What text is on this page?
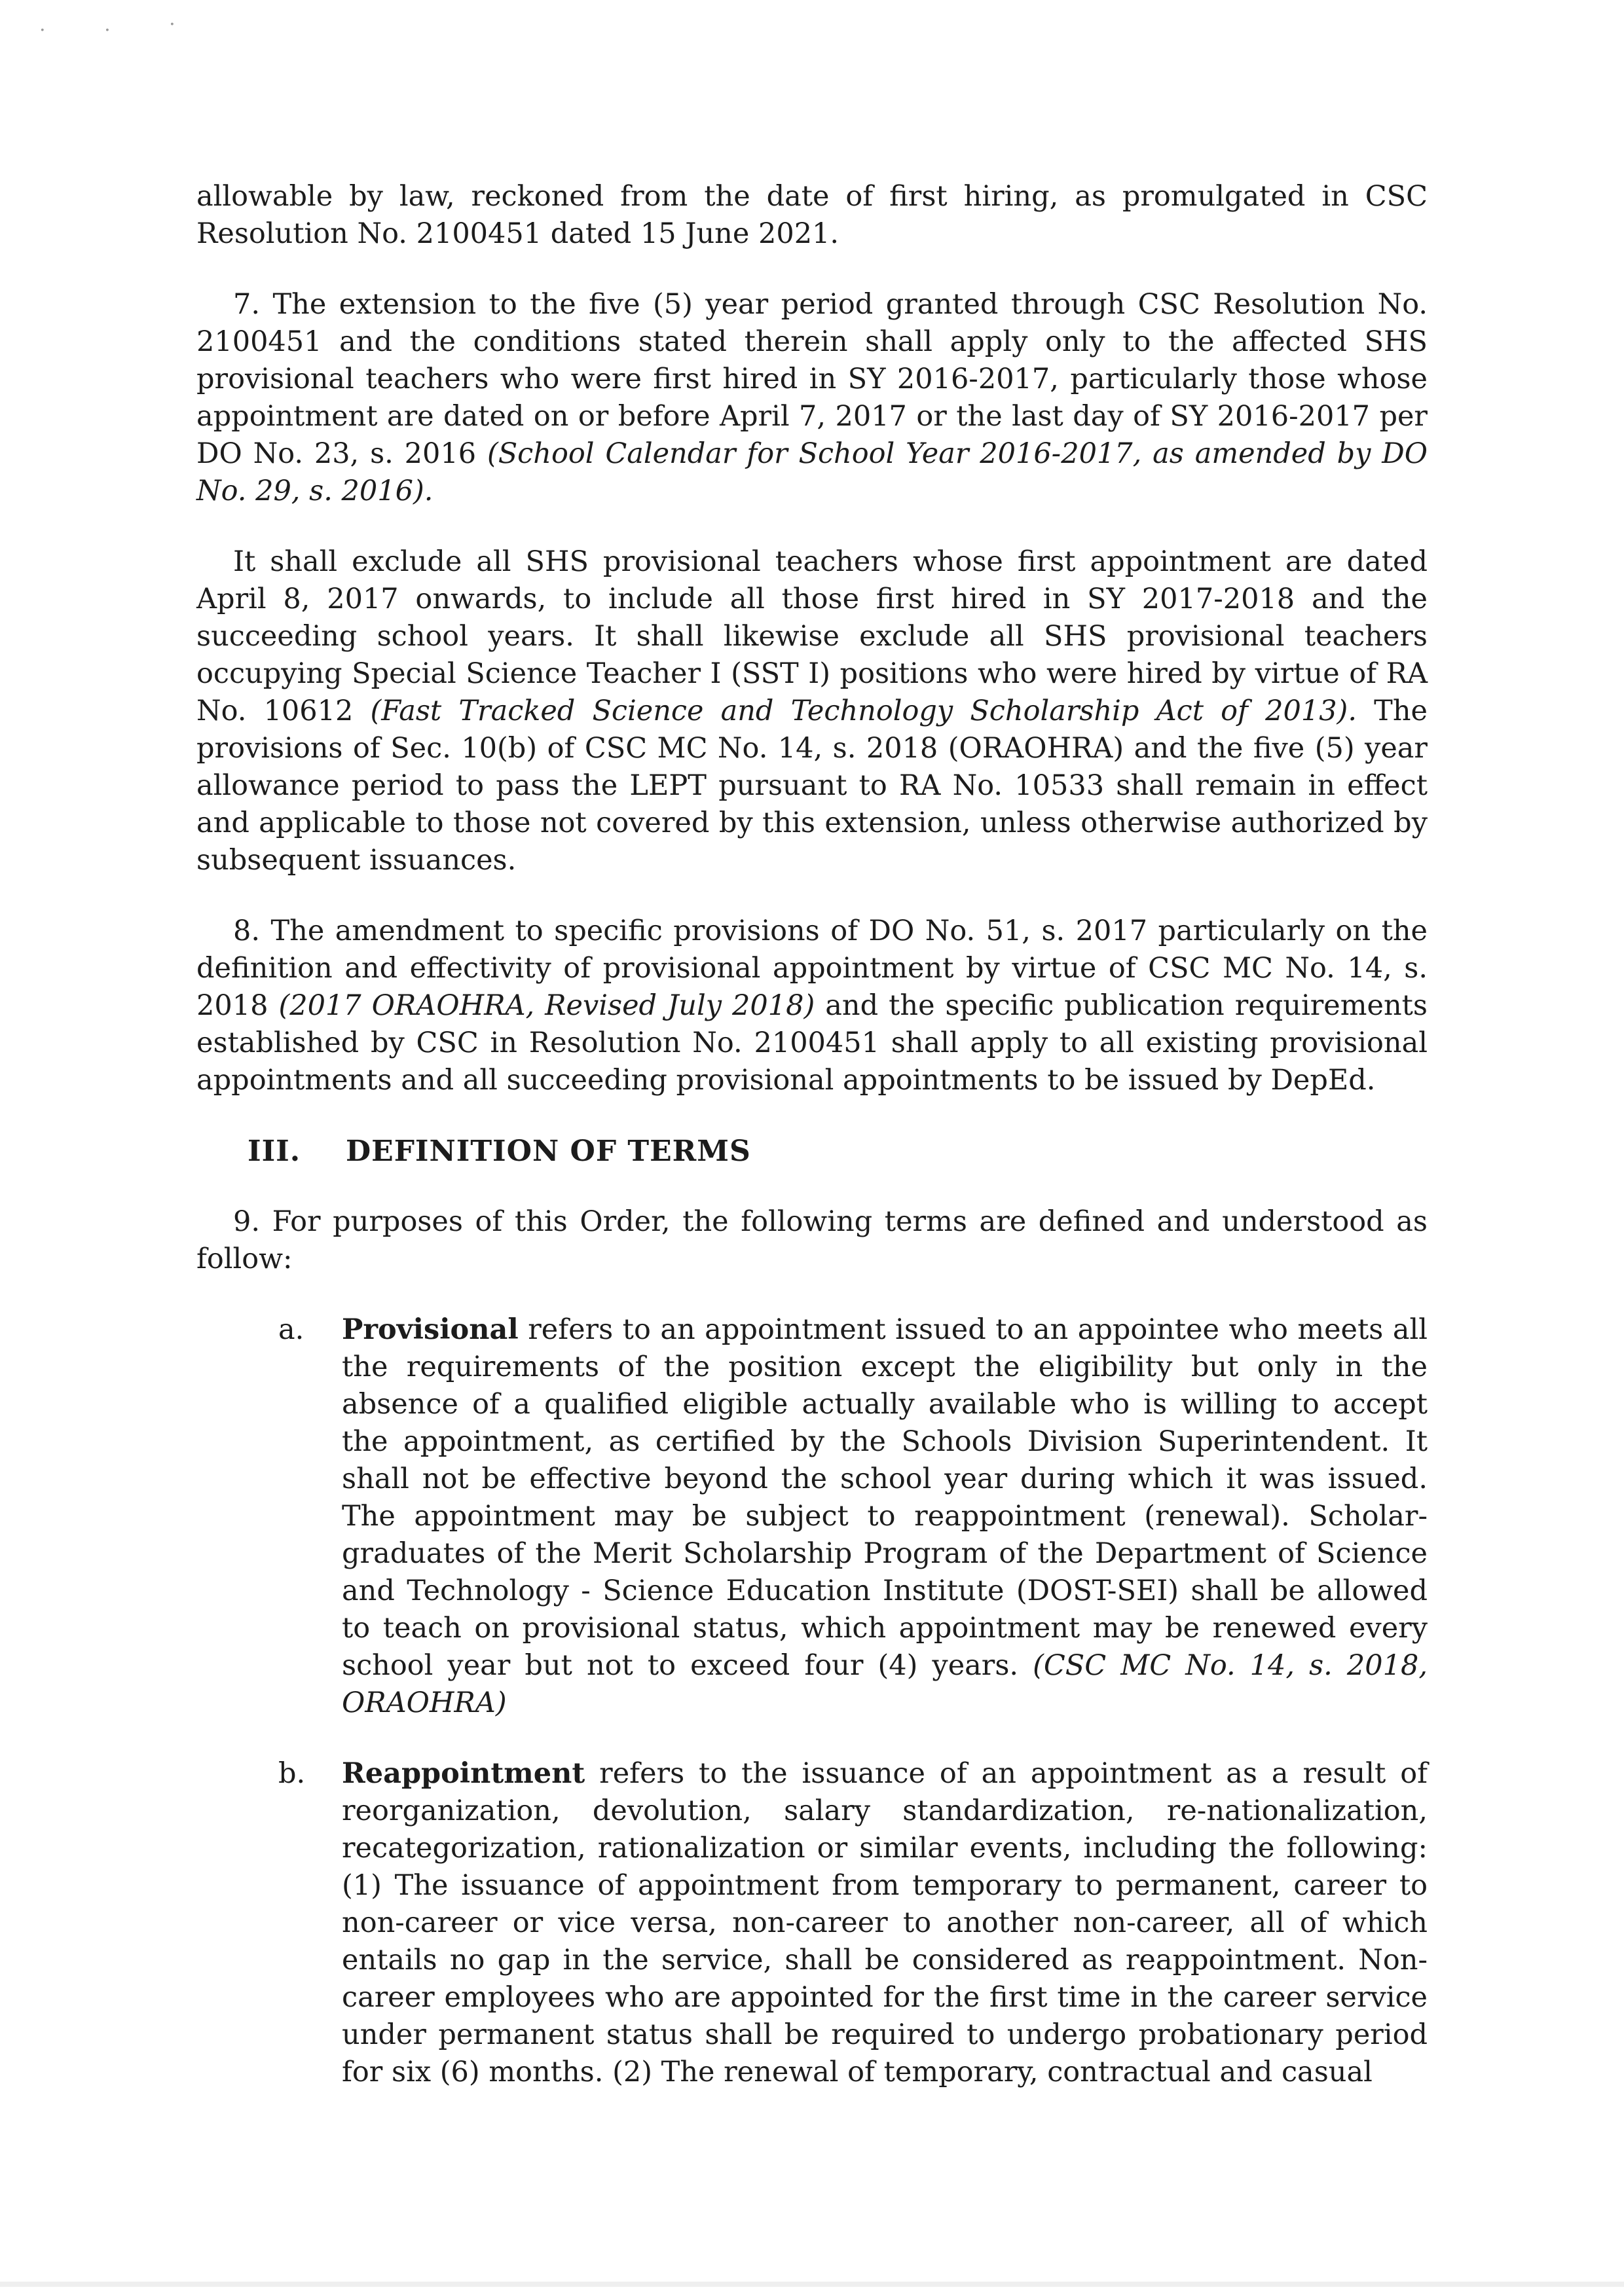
. . ·

allowable by law, reckoned from the date of first hiring, as promulgated in CSC Resolution No. 2100451 dated 15 June 2021.

7. The extension to the five (5) year period granted through CSC Resolution No. 2100451 and the conditions stated therein shall apply only to the affected SHS provisional teachers who were first hired in SY 2016-2017, particularly those whose appointment are dated on or before April 7, 2017 or the last day of SY 2016-2017 per DO No. 23, s. 2016 (School Calendar for School Year 2016-2017, as amended by DO No. 29, s. 2016).

It shall exclude all SHS provisional teachers whose first appointment are dated April 8, 2017 onwards, to include all those first hired in SY 2017-2018 and the succeeding school years. It shall likewise exclude all SHS provisional teachers occupying Special Science Teacher I (SST I) positions who were hired by virtue of RA No. 10612 (Fast Tracked Science and Technology Scholarship Act of 2013). The provisions of Sec. 10(b) of CSC MC No. 14, s. 2018 (ORAOHRA) and the five (5) year allowance period to pass the LEPT pursuant to RA No. 10533 shall remain in effect and applicable to those not covered by this extension, unless otherwise authorized by subsequent issuances.

8. The amendment to specific provisions of DO No. 51, s. 2017 particularly on the definition and effectivity of provisional appointment by virtue of CSC MC No. 14, s. 2018 (2017 ORAOHRA, Revised July 2018) and the specific publication requirements established by CSC in Resolution No. 2100451 shall apply to all existing provisional appointments and all succeeding provisional appointments to be issued by DepEd.

III. DEFINITION OF TERMS

9. For purposes of this Order, the following terms are defined and understood as follow:

a. Provisional refers to an appointment issued to an appointee who meets all the requirements of the position except the eligibility but only in the absence of a qualified eligible actually available who is willing to accept the appointment, as certified by the Schools Division Superintendent. It shall not be effective beyond the school year during which it was issued. The appointment may be subject to reappointment (renewal). Scholar-graduates of the Merit Scholarship Program of the Department of Science and Technology - Science Education Institute (DOST-SEI) shall be allowed to teach on provisional status, which appointment may be renewed every school year but not to exceed four (4) years. (CSC MC No. 14, s. 2018, ORAOHRA)
b. Reappointment refers to the issuance of an appointment as a result of reorganization, devolution, salary standardization, re-nationalization, recategorization, rationalization or similar events, including the following: (1) The issuance of appointment from temporary to permanent, career to non-career or vice versa, non-career to another non-career, all of which entails no gap in the service, shall be considered as reappointment. Non-career employees who are appointed for the first time in the career service under permanent status shall be required to undergo probationary period for six (6) months. (2) The renewal of temporary, contractual and casual
